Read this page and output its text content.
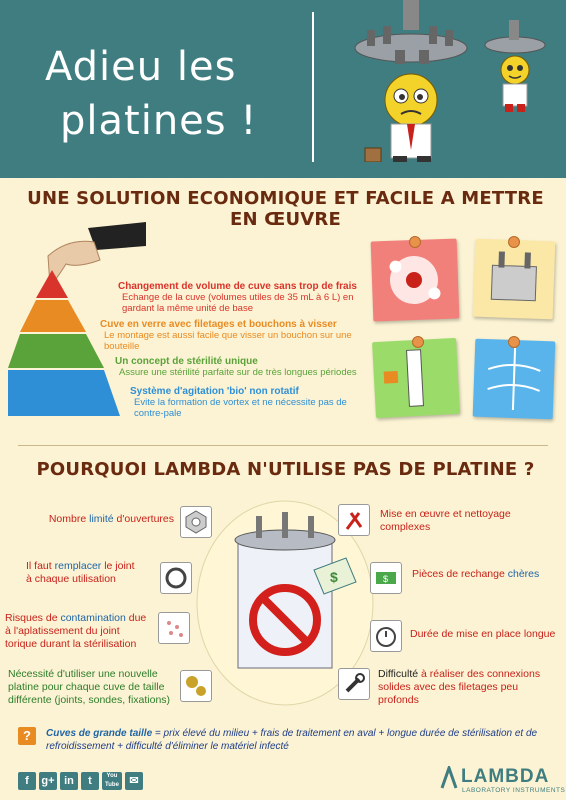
Adieu les
platines !
UNE SOLUTION ECONOMIQUE ET FACILE A METTRE EN ŒUVRE
Changement de volume de cuve sans trop de frais
Echange de la cuve (volumes utiles de 35 mL à 6 L) en gardant la même unité de base
Cuve en verre avec filetages et bouchons à visser
Le montage est aussi facile que visser un bouchon sur une bouteille
Un concept de stérilité unique
Assure une stérilité parfaite sur de très longues périodes
Système d'agitation 'bio' non rotatif
Evite la formation de vortex et ne nécessite pas de contre-pale
POURQUOI LAMBDA N'UTILISE PAS DE PLATINE ?
$
Nombre limité d'ouvertures
Il faut remplacer le joint à chaque utilisation
Risques de contamination due à l'aplatissement du joint torique durant la stérilisation
Nécessité d'utiliser une nouvelle platine pour chaque cuve de taille différente (joints, sondes, fixations)
Mise en œuvre et nettoyage complexes
$ Pièces de rechange chères
Durée de mise en place longue
Difficulté à réaliser des connexions solides avec des filetages peu profonds
?	Cuves de grande taille = prix élevé du milieu + frais de traitement en aval + longue durée de stérilisation et de refroidissement + difficulté d'éliminer le matériel infecté
f	g+ in	t	You Tube ✉	LAMBDA
LABORATORY INSTRUMENTS
